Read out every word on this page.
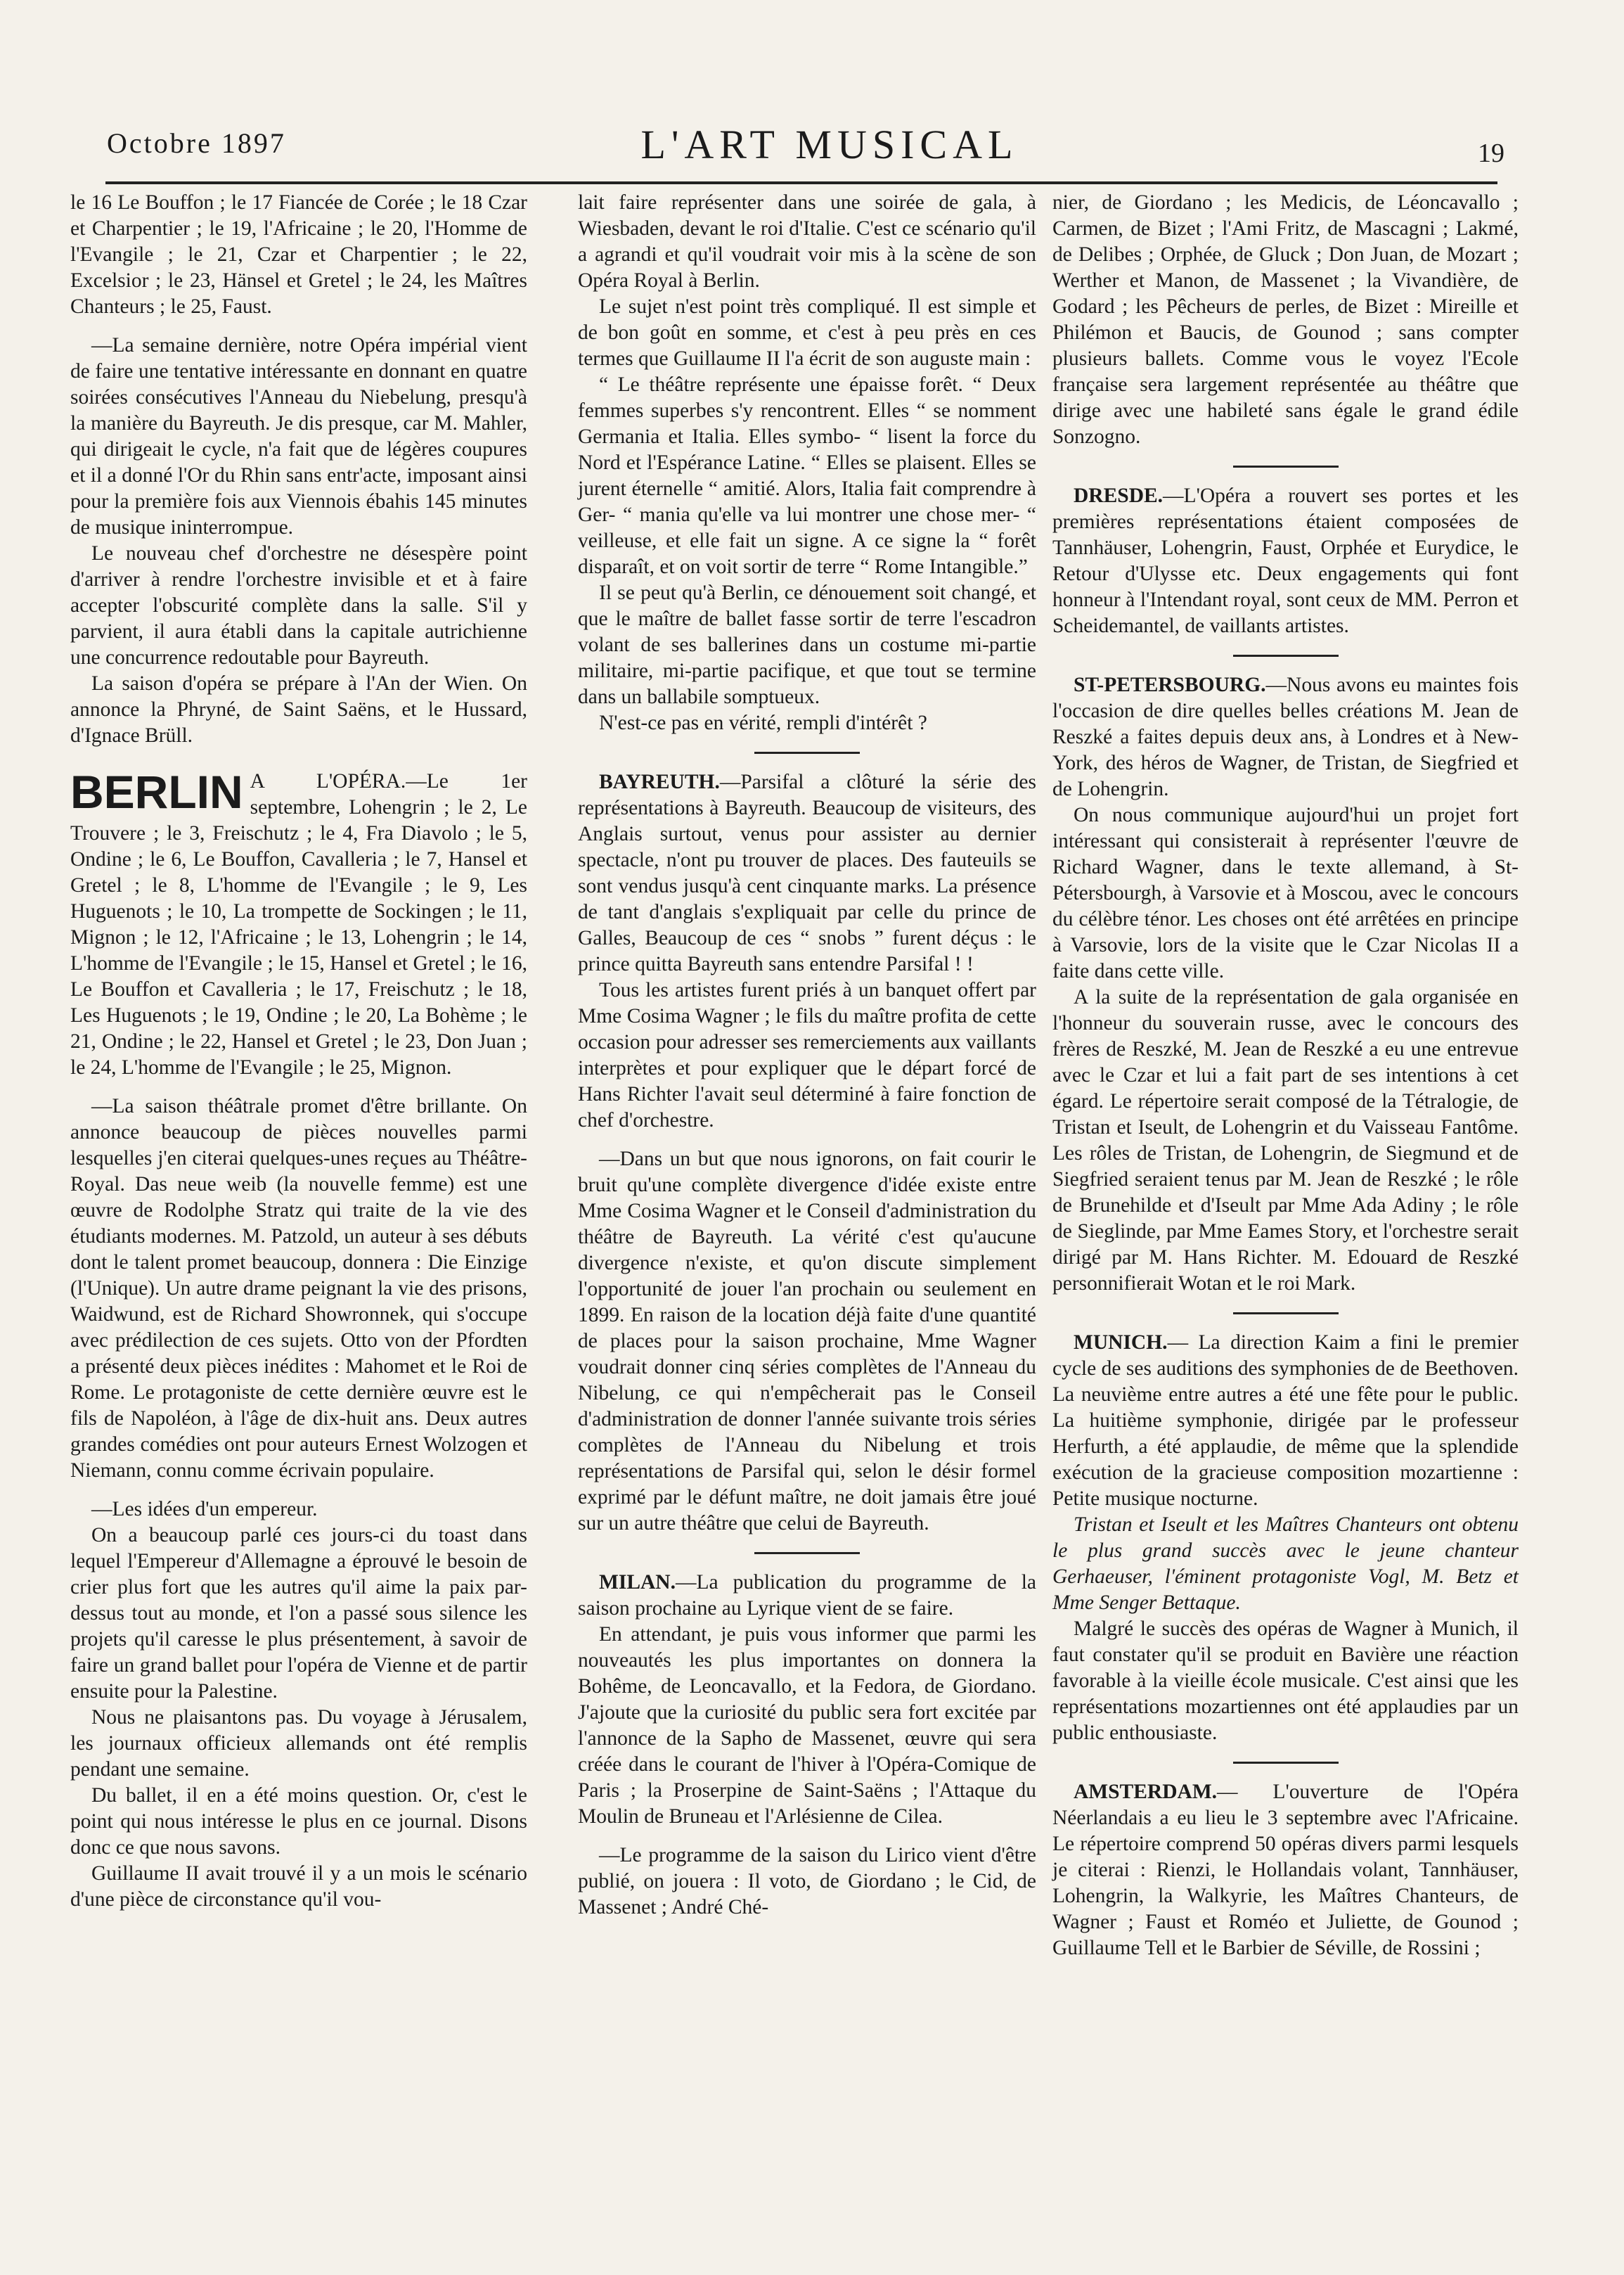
Octobre 1897	L'ART MUSICAL	19

le 16 Le Bouffon ; le 17 Fiancée de Corée ; le 18 Czar et Charpentier ; le 19, l'Africaine ; le 20, l'Homme de l'Evangile ; le 21, Czar et Charpentier ; le 22, Excelsior ; le 23, Hänsel et Gretel ; le 24, les Maîtres Chanteurs ; le 25, Faust.

—La semaine dernière, notre Opéra impérial vient de faire une tentative intéressante en donnant en quatre soirées consécutives l'Anneau du Niebelung, presqu'à la manière du Bayreuth. Je dis presque, car M. Mahler, qui dirigeait le cycle, n'a fait que de légères coupures et il a donné l'Or du Rhin sans entr'acte, imposant ainsi pour la première fois aux Viennois ébahis 145 minutes de musique ininterrompue.

Le nouveau chef d'orchestre ne désespère point d'arriver à rendre l'orchestre invisible et et à faire accepter l'obscurité complète dans la salle. S'il y parvient, il aura établi dans la capitale autrichienne une concurrence redoutable pour Bayreuth.

La saison d'opéra se prépare à l'An der Wien. On annonce la Phryné, de Saint Saëns, et le Hussard, d'Ignace Brüll.

BERLIN A L'OPÉRA.—Le 1er septembre, Lohengrin ; le 2, Le Trouvere ; le 3, Freischutz ; le 4, Fra Diavolo ; le 5, Ondine ; le 6, Le Bouffon, Cavalleria ; le 7, Hansel et Gretel ; le 8, L'homme de l'Evangile ; le 9, Les Huguenots ; le 10, La trompette de Sockingen ; le 11, Mignon ; le 12, l'Africaine ; le 13, Lohengrin ; le 14, L'homme de l'Evangile ; le 15, Hansel et Gretel ; le 16, Le Bouffon et Cavalleria ; le 17, Freischutz ; le 18, Les Huguenots ; le 19, Ondine ; le 20, La Bohème ; le 21, Ondine ; le 22, Hansel et Gretel ; le 23, Don Juan ; le 24, L'homme de l'Evangile ; le 25, Mignon.

—La saison théâtrale promet d'être brillante. On annonce beaucoup de pièces nouvelles parmi lesquelles j'en citerai quelques-unes reçues au Théâtre-Royal. Das neue weib (la nouvelle femme) est une œuvre de Rodolphe Stratz qui traite de la vie des étudiants modernes. M. Patzold, un auteur à ses débuts dont le talent promet beaucoup, donnera : Die Einzige (l'Unique). Un autre drame peignant la vie des prisons, Waidwund, est de Richard Showronnek, qui s'occupe avec prédilection de ces sujets. Otto von der Pfordten a présenté deux pièces inédites : Mahomet et le Roi de Rome. Le protagoniste de cette dernière œuvre est le fils de Napoléon, à l'âge de dix-huit ans. Deux autres grandes comédies ont pour auteurs Ernest Wolzogen et Niemann, connu comme écrivain populaire.

—Les idées d'un empereur.

On a beaucoup parlé ces jours-ci du toast dans lequel l'Empereur d'Allemagne a éprouvé le besoin de crier plus fort que les autres qu'il aime la paix par-dessus tout au monde, et l'on a passé sous silence les projets qu'il caresse le plus présentement, à savoir de faire un grand ballet pour l'opéra de Vienne et de partir ensuite pour la Palestine.

Nous ne plaisantons pas. Du voyage à Jérusalem, les journaux officieux allemands ont été remplis pendant une semaine.

Du ballet, il en a été moins question. Or, c'est le point qui nous intéresse le plus en ce journal. Disons donc ce que nous savons.

Guillaume II avait trouvé il y a un mois le scénario d'une pièce de circonstance qu'il vou-

lait faire représenter dans une soirée de gala, à Wiesbaden, devant le roi d'Italie. C'est ce scénario qu'il a agrandi et qu'il voudrait voir mis à la scène de son Opéra Royal à Berlin.

Le sujet n'est point très compliqué. Il est simple et de bon goût en somme, et c'est à peu près en ces termes que Guillaume II l'a écrit de son auguste main :

“ Le théâtre représente une épaisse forêt. “ Deux femmes superbes s'y rencontrent. Elles “ se nomment Germania et Italia. Elles symbo- “ lisent la force du Nord et l'Espérance Latine. “ Elles se plaisent. Elles se jurent éternelle “ amitié. Alors, Italia fait comprendre à Ger- “ mania qu'elle va lui montrer une chose mer- “ veilleuse, et elle fait un signe. A ce signe la “ forêt disparaît, et on voit sortir de terre “ Rome Intangible.”

Il se peut qu'à Berlin, ce dénouement soit changé, et que le maître de ballet fasse sortir de terre l'escadron volant de ses ballerines dans un costume mi-partie militaire, mi-partie pacifique, et que tout se termine dans un ballabile somptueux.

N'est-ce pas en vérité, rempli d'intérêt ?

BAYREUTH.—Parsifal a clôturé la série des représentations à Bayreuth. Beaucoup de visiteurs, des Anglais surtout, venus pour assister au dernier spectacle, n'ont pu trouver de places. Des fauteuils se sont vendus jusqu'à cent cinquante marks. La présence de tant d'anglais s'expliquait par celle du prince de Galles, Beaucoup de ces “ snobs ” furent déçus : le prince quitta Bayreuth sans entendre Parsifal ! !

Tous les artistes furent priés à un banquet offert par Mme Cosima Wagner ; le fils du maître profita de cette occasion pour adresser ses remerciements aux vaillants interprètes et pour expliquer que le départ forcé de Hans Richter l'avait seul déterminé à faire fonction de chef d'orchestre.

—Dans un but que nous ignorons, on fait courir le bruit qu'une complète divergence d'idée existe entre Mme Cosima Wagner et le Conseil d'administration du théâtre de Bayreuth. La vérité c'est qu'aucune divergence n'existe, et qu'on discute simplement l'opportunité de jouer l'an prochain ou seulement en 1899. En raison de la location déjà faite d'une quantité de places pour la saison prochaine, Mme Wagner voudrait donner cinq séries complètes de l'Anneau du Nibelung, ce qui n'empêcherait pas le Conseil d'administration de donner l'année suivante trois séries complètes de l'Anneau du Nibelung et trois représentations de Parsifal qui, selon le désir formel exprimé par le défunt maître, ne doit jamais être joué sur un autre théâtre que celui de Bayreuth.

MILAN.—La publication du programme de la saison prochaine au Lyrique vient de se faire.

En attendant, je puis vous informer que parmi les nouveautés les plus importantes on donnera la Bohême, de Leoncavallo, et la Fedora, de Giordano. J'ajoute que la curiosité du public sera fort excitée par l'annonce de la Sapho de Massenet, œuvre qui sera créée dans le courant de l'hiver à l'Opéra-Comique de Paris ; la Proserpine de Saint-Saëns ; l'Attaque du Moulin de Bruneau et l'Arlésienne de Cilea.

—Le programme de la saison du Lirico vient d'être publié, on jouera : Il voto, de Giordano ; le Cid, de Massenet ; André Ché-

nier, de Giordano ; les Medicis, de Léoncavallo ; Carmen, de Bizet ; l'Ami Fritz, de Mascagni ; Lakmé, de Delibes ; Orphée, de Gluck ; Don Juan, de Mozart ; Werther et Manon, de Massenet ; la Vivandière, de Godard ; les Pêcheurs de perles, de Bizet : Mireille et Philémon et Baucis, de Gounod ; sans compter plusieurs ballets. Comme vous le voyez l'Ecole française sera largement représentée au théâtre que dirige avec une habileté sans égale le grand édile Sonzogno.

DRESDE.—L'Opéra a rouvert ses portes et les premières représentations étaient composées de Tannhäuser, Lohengrin, Faust, Orphée et Eurydice, le Retour d'Ulysse etc. Deux engagements qui font honneur à l'Intendant royal, sont ceux de MM. Perron et Scheidemantel, de vaillants artistes.

ST-PETERSBOURG.—Nous avons eu maintes fois l'occasion de dire quelles belles créations M. Jean de Reszké a faites depuis deux ans, à Londres et à New-York, des héros de Wagner, de Tristan, de Siegfried et de Lohengrin.

On nous communique aujourd'hui un projet fort intéressant qui consisterait à représenter l'œuvre de Richard Wagner, dans le texte allemand, à St-Pétersbourgh, à Varsovie et à Moscou, avec le concours du célèbre ténor. Les choses ont été arrêtées en principe à Varsovie, lors de la visite que le Czar Nicolas II a faite dans cette ville.

A la suite de la représentation de gala organisée en l'honneur du souverain russe, avec le concours des frères de Reszké, M. Jean de Reszké a eu une entrevue avec le Czar et lui a fait part de ses intentions à cet égard. Le répertoire serait composé de la Tétralogie, de Tristan et Iseult, de Lohengrin et du Vaisseau Fantôme. Les rôles de Tristan, de Lohengrin, de Siegmund et de Siegfried seraient tenus par M. Jean de Reszké ; le rôle de Brunehilde et d'Iseult par Mme Ada Adiny ; le rôle de Sieglinde, par Mme Eames Story, et l'orchestre serait dirigé par M. Hans Richter. M. Edouard de Reszké personnifierait Wotan et le roi Mark.

MUNICH.— La direction Kaim a fini le premier cycle de ses auditions des symphonies de de Beethoven. La neuvième entre autres a été une fête pour le public. La huitième symphonie, dirigée par le professeur Herfurth, a été applaudie, de même que la splendide exécution de la gracieuse composition mozartienne : Petite musique nocturne.

Tristan et Iseult et les Maîtres Chanteurs ont obtenu le plus grand succès avec le jeune chanteur Gerhaeuser, l'éminent protagoniste Vogl, M. Betz et Mme Senger Bettaque.

Malgré le succès des opéras de Wagner à Munich, il faut constater qu'il se produit en Bavière une réaction favorable à la vieille école musicale. C'est ainsi que les représentations mozartiennes ont été applaudies par un public enthousiaste.

AMSTERDAM.— L'ouverture de l'Opéra Néerlandais a eu lieu le 3 septembre avec l'Africaine. Le répertoire comprend 50 opéras divers parmi lesquels je citerai : Rienzi, le Hollandais volant, Tannhäuser, Lohengrin, la Walkyrie, les Maîtres Chanteurs, de Wagner ; Faust et Roméo et Juliette, de Gounod ; Guillaume Tell et le Barbier de Séville, de Rossini ;
